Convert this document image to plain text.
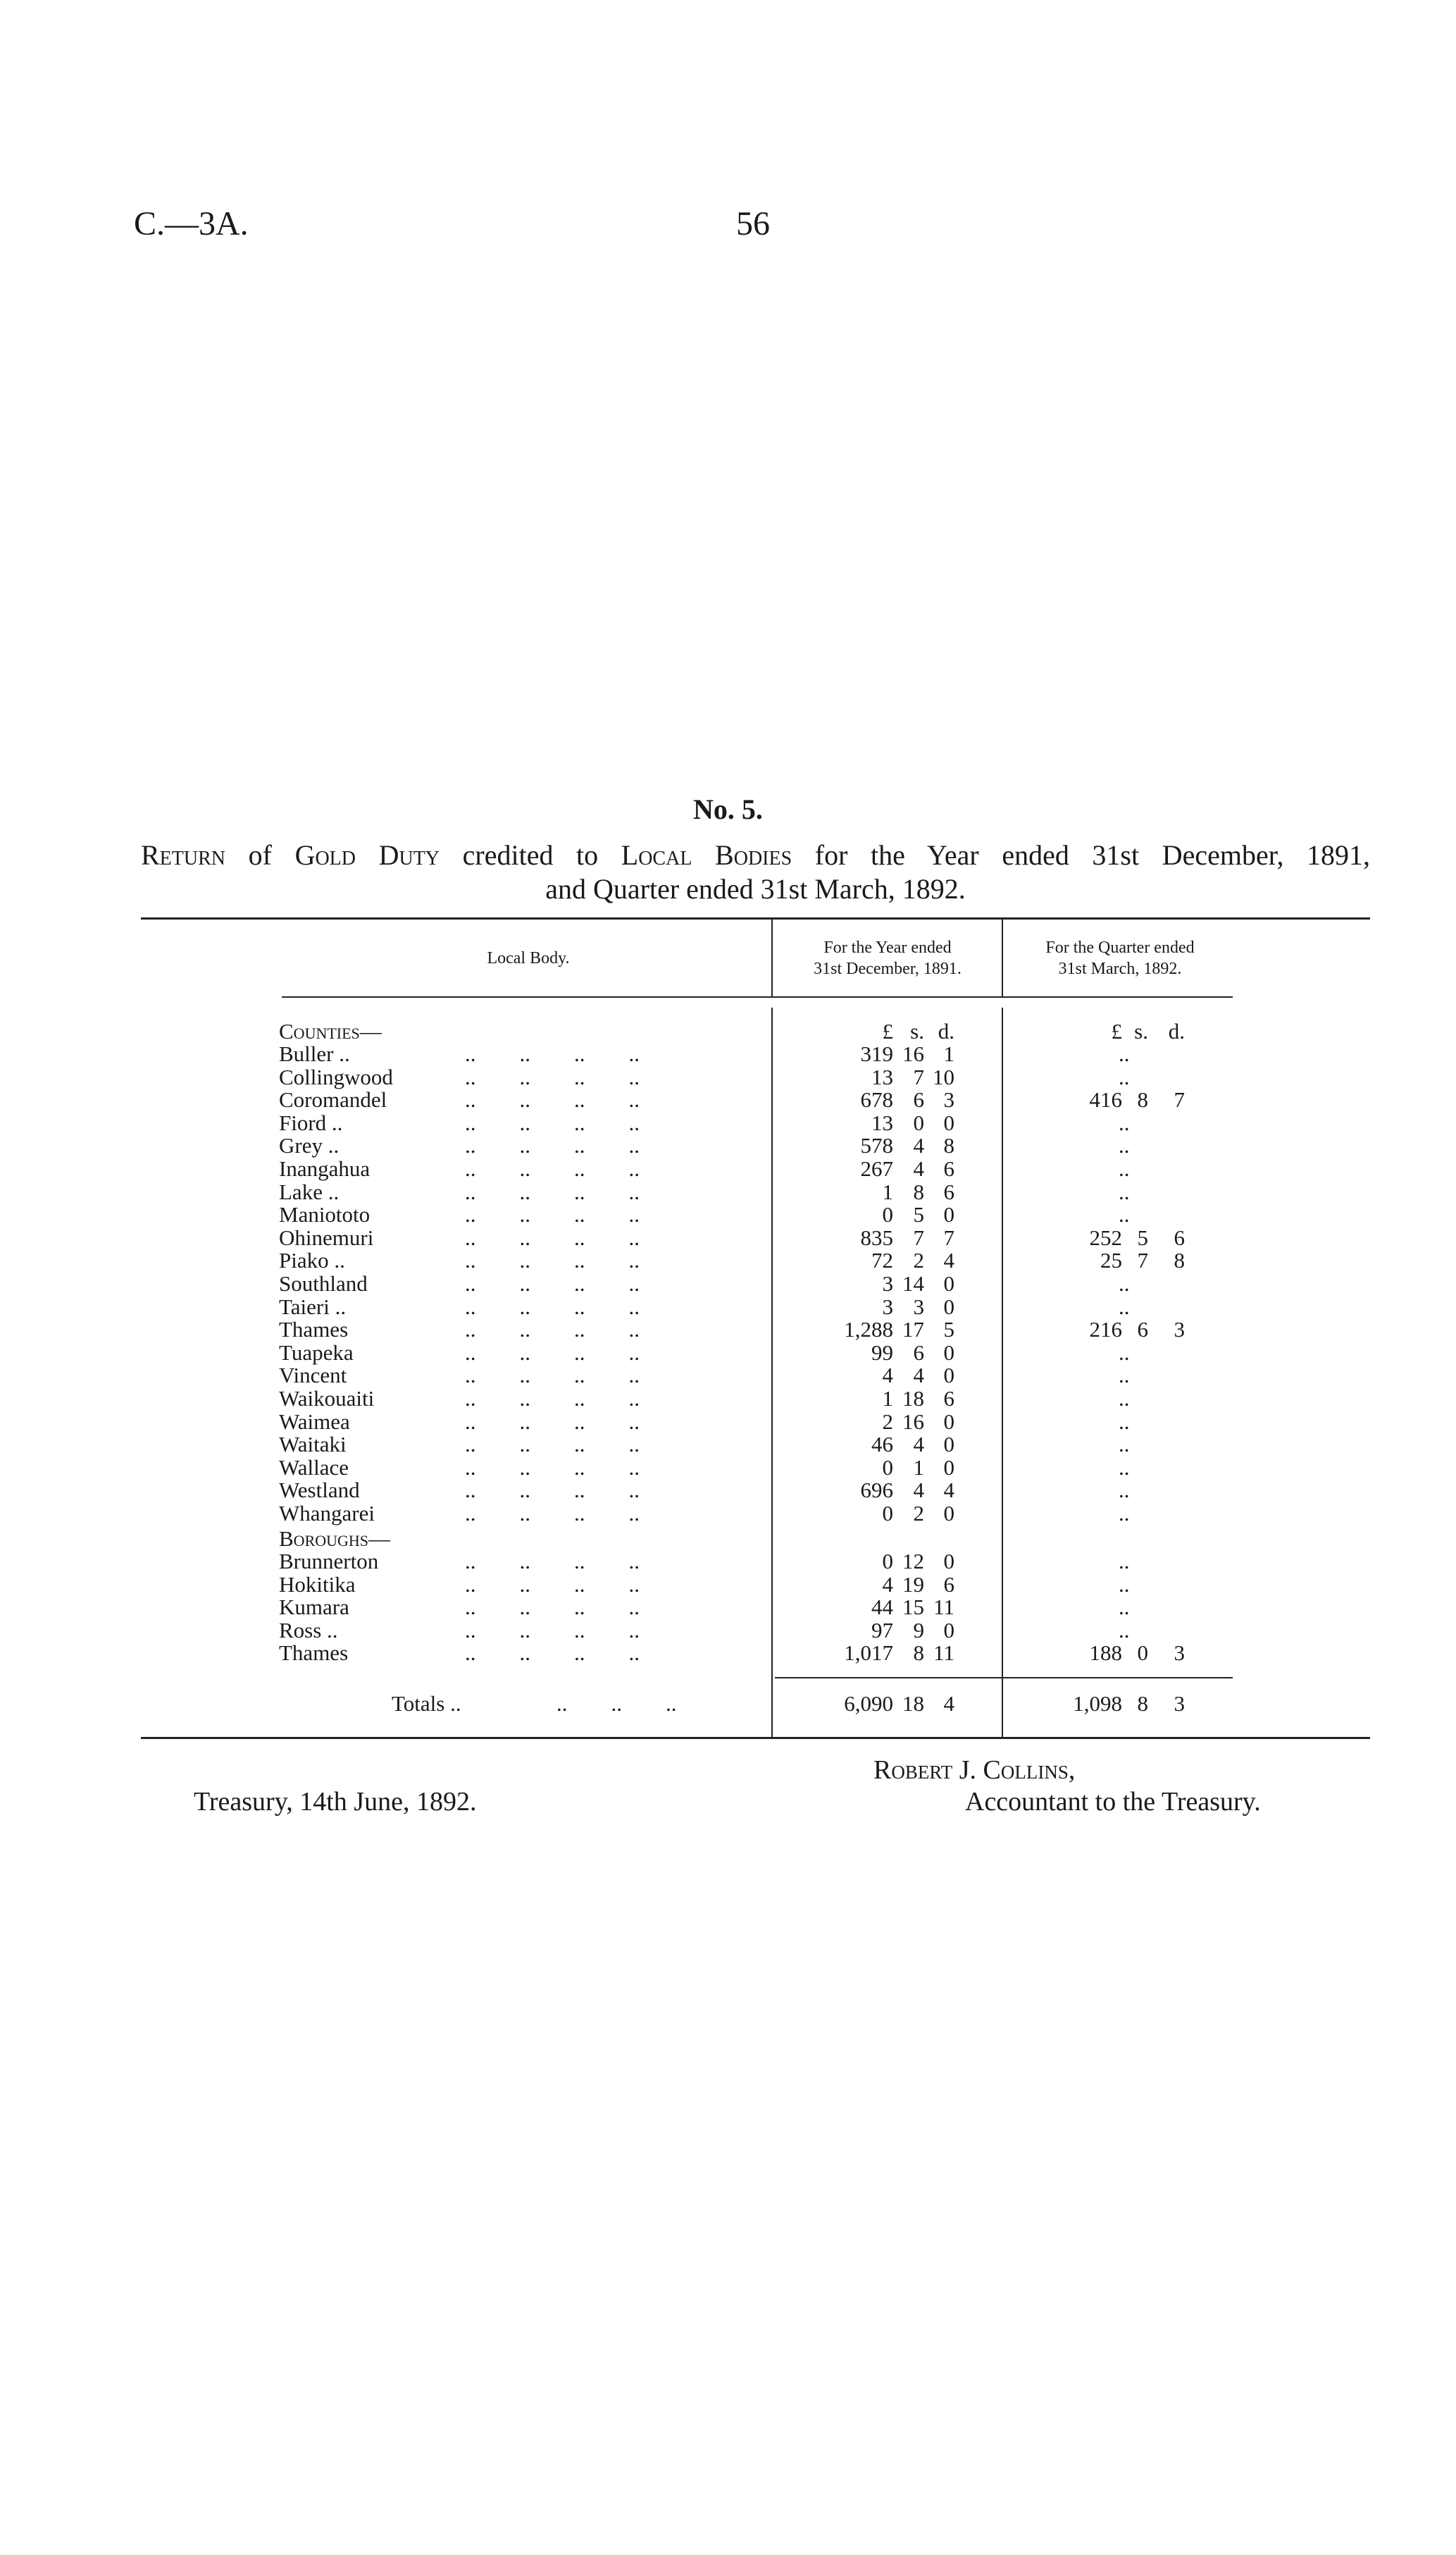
C.—3A.	56
No. 5.
Return of Gold Duty credited to Local Bodies for the Year ended 31st December, 1891,
and Quarter ended 31st March, 1892.
Local Body.
For the Year ended
31st December, 1891.
For the Quarter ended
31st March, 1892.
Counties—	£ s. d.	£ s. d.
Buller ..	..        ..        ..        ..	319 16 1	..
Collingwood	..        ..        ..        ..	13 7 10	..
Coromandel	..        ..        ..        ..	678 6 3	416 8 7
Fiord ..	..        ..        ..        ..	13 0 0	..
Grey ..	..        ..        ..        ..	578 4 8	..
Inangahua	..        ..        ..        ..	267 4 6	..
Lake ..	..        ..        ..        ..	1 8 6	..
Maniototo	..        ..        ..        ..	0 5 0	..
Ohinemuri	..        ..        ..        ..	835 7 7	252 5 6
Piako ..	..        ..        ..        ..	72 2 4	25 7 8
Southland	..        ..        ..        ..	3 14 0	..
Taieri ..	..        ..        ..        ..	3 3 0	..
Thames	..        ..        ..        ..	1,288 17 5	216 6 3
Tuapeka	..        ..        ..        ..	99 6 0	..
Vincent	..        ..        ..        ..	4 4 0	..
Waikouaiti	..        ..        ..        ..	1 18 6	..
Waimea	..        ..        ..        ..	2 16 0	..
Waitaki	..        ..        ..        ..	46 4 0	..
Wallace	..        ..        ..        ..	0 1 0	..
Westland	..        ..        ..        ..	696 4 4	..
Whangarei	..        ..        ..        ..	0 2 0	..
Boroughs—
Brunnerton	..        ..        ..        ..	0 12 0	..
Hokitika	..        ..        ..        ..	4 19 6	..
Kumara	..        ..        ..        ..	44 15 11	..
Ross ..	..        ..        ..        ..	97 9 0	..
Thames	..        ..        ..        ..	1,017 8 11	188 0 3
Totals ..	..        ..        ..	6,090 18 4	1,098 8 3
Robert J. Collins,
Accountant to the Treasury.
Treasury, 14th June, 1892.
